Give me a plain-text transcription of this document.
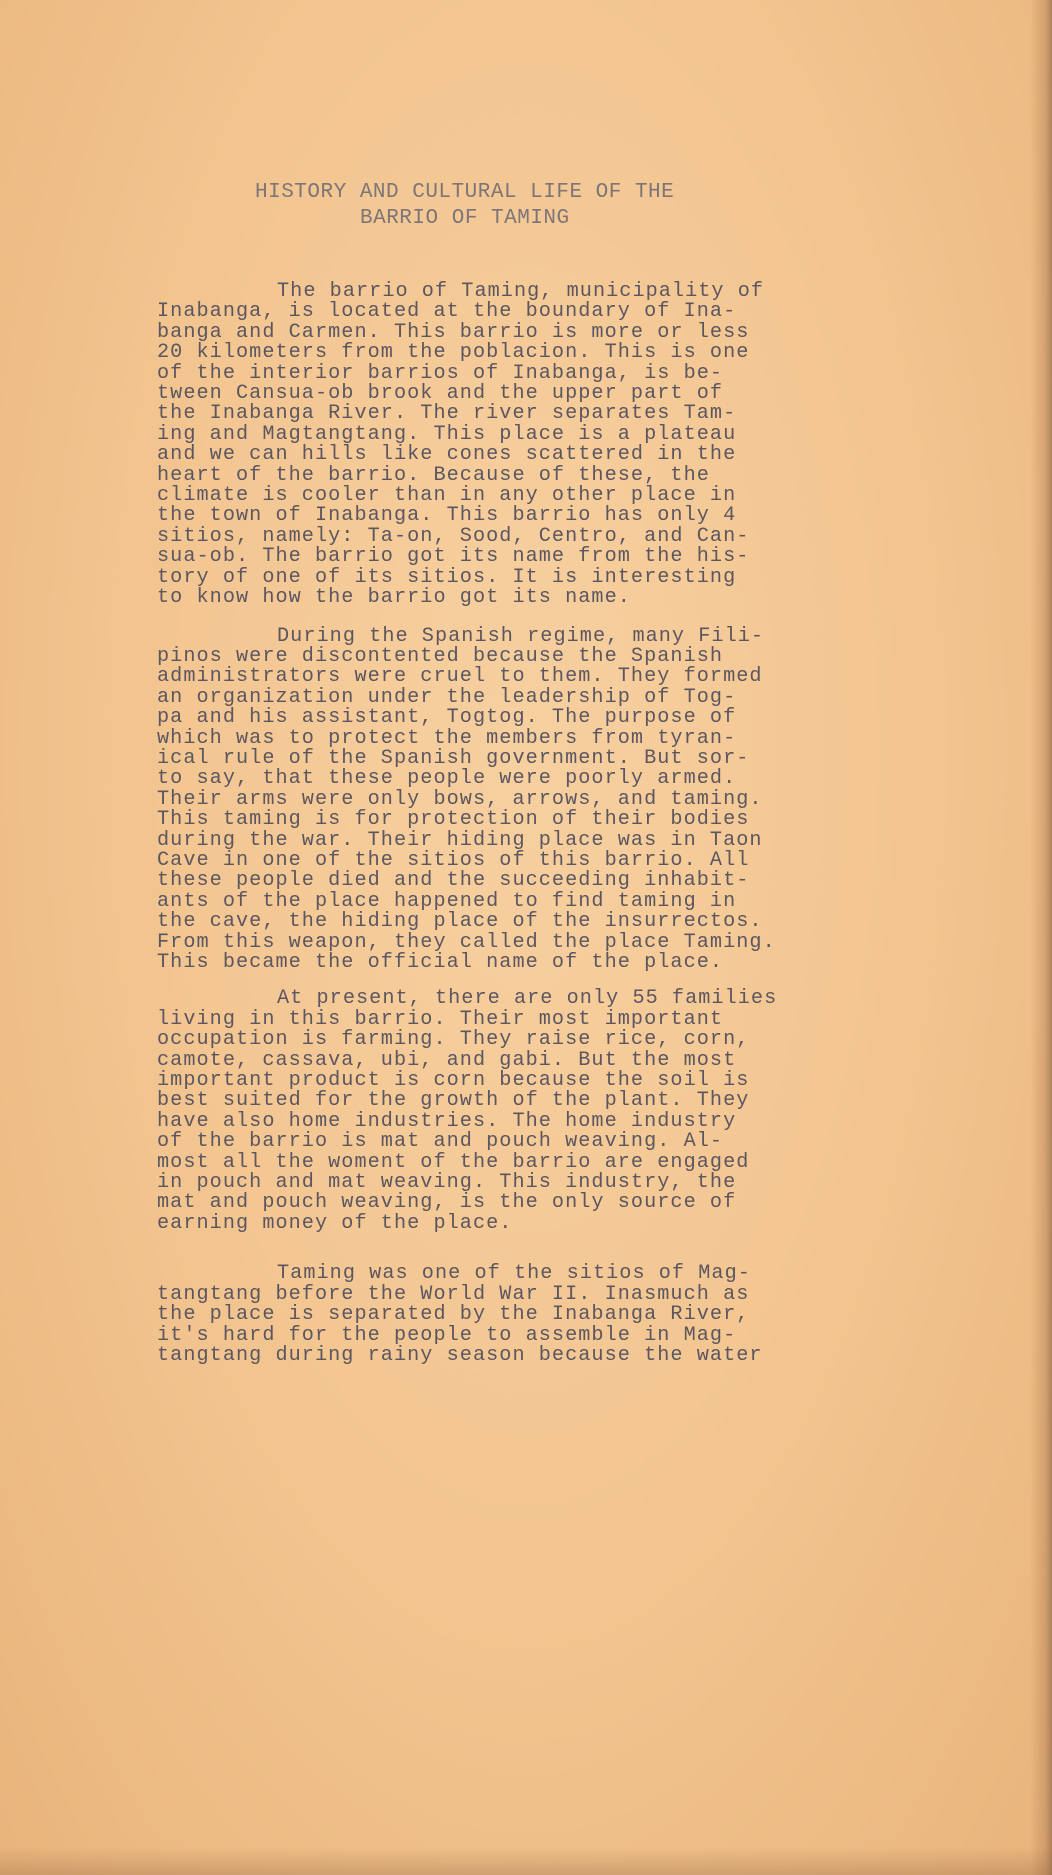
HISTORY AND CULTURAL LIFE OF THE
BARRIO OF TAMING
The barrio of Taming, municipality of
Inabanga, is located at the boundary of Ina-
banga and Carmen. This barrio is more or less
20 kilometers from the poblacion. This is one
of the interior barrios of Inabanga, is be-
tween Cansua-ob brook and the upper part of
the Inabanga River. The river separates Tam-
ing and Magtangtang. This place is a plateau
and we can hills like cones scattered in the
heart of the barrio. Because of these, the
climate is cooler than in any other place in
the town of Inabanga. This barrio has only 4
sitios, namely: Ta-on, Sood, Centro, and Can-
sua-ob. The barrio got its name from the his-
tory of one of its sitios. It is interesting
to know how the barrio got its name.
During the Spanish regime, many Fili-
pinos were discontented because the Spanish
administrators were cruel to them. They formed
an organization under the leadership of Tog-
pa and his assistant, Togtog. The purpose of
which was to protect the members from tyran-
ical rule of the Spanish government. But sor-
to say, that these people were poorly armed.
Their arms were only bows, arrows, and taming.
This taming is for protection of their bodies
during the war. Their hiding place was in Taon
Cave in one of the sitios of this barrio. All
these people died and the succeeding inhabit-
ants of the place happened to find taming in
the cave, the hiding place of the insurrectos.
From this weapon, they called the place Taming.
This became the official name of the place.
At present, there are only 55 families
living in this barrio. Their most important
occupation is farming. They raise rice, corn,
camote, cassava, ubi, and gabi. But the most
important product is corn because the soil is
best suited for the growth of the plant. They
have also home industries. The home industry
of the barrio is mat and pouch weaving. Al-
most all the woment of the barrio are engaged
in pouch and mat weaving. This industry, the
mat and pouch weaving, is the only source of
earning money of the place.
Taming was one of the sitios of Mag-
tangtang before the World War II. Inasmuch as
the place is separated by the Inabanga River,
it's hard for the people to assemble in Mag-
tangtang during rainy season because the water
